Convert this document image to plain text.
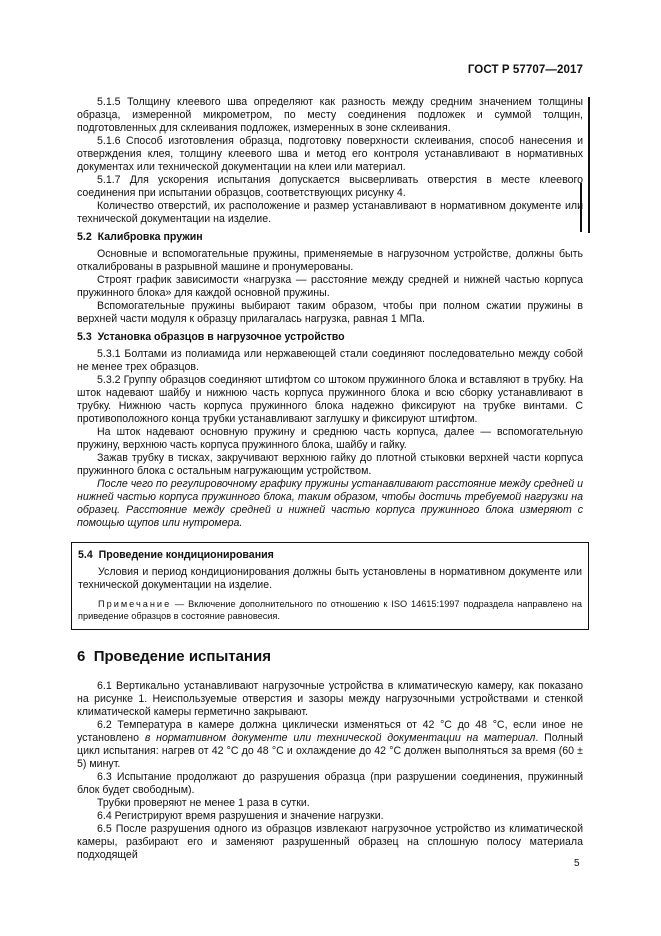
ГОСТ Р 57707—2017

5.1.5 Толщину клеевого шва определяют как разность между средним значением толщины образца, измеренной микрометром, по месту соединения подложек и суммой толщин, подготовленных для склеивания подложек, измеренных в зоне склеивания.

5.1.6 Способ изготовления образца, подготовку поверхности склеивания, способ нанесения и отверждения клея, толщину клеевого шва и метод его контроля устанавливают в нормативных документах или технической документации на клеи или материал.

5.1.7 Для ускорения испытания допускается высверливать отверстия в месте клеевого соединения при испытании образцов, соответствующих рисунку 4.

Количество отверстий, их расположение и размер устанавливают в нормативном документе или технической документации на изделие.

5.2 Калибровка пружин

Основные и вспомогательные пружины, применяемые в нагрузочном устройстве, должны быть откалиброваны в разрывной машине и пронумерованы.

Строят график зависимости «нагрузка — расстояние между средней и нижней частью корпуса пружинного блока» для каждой основной пружины.

Вспомогательные пружины выбирают таким образом, чтобы при полном сжатии пружины в верхней части модуля к образцу прилагалась нагрузка, равная 1 МПа.

5.3 Установка образцов в нагрузочное устройство

5.3.1 Болтами из полиамида или нержавеющей стали соединяют последовательно между собой не менее трех образцов.

5.3.2 Группу образцов соединяют штифтом со штоком пружинного блока и вставляют в трубку. На шток надевают шайбу и нижнюю часть корпуса пружинного блока и всю сборку устанавливают в трубку. Нижнюю часть корпуса пружинного блока надежно фиксируют на трубке винтами. С противоположного конца трубки устанавливают заглушку и фиксируют штифтом.

На шток надевают основную пружину и среднюю часть корпуса, далее — вспомогательную пружину, верхнюю часть корпуса пружинного блока, шайбу и гайку.

Зажав трубку в тисках, закручивают верхнюю гайку до плотной стыковки верхней части корпуса пружинного блока с остальным нагружающим устройством.

После чего по регулировочному графику пружины устанавливают расстояние между средней и нижней частью корпуса пружинного блока, таким образом, чтобы достичь требуемой нагрузки на образец. Расстояние между средней и нижней частью корпуса пружинного блока измеряют с помощью щупов или нутромера.

5.4 Проведение кондиционирования

Условия и период кондиционирования должны быть установлены в нормативном документе или технической документации на изделие.

Примечание — Включение дополнительного по отношению к ISO 14615:1997 подраздела направлено на приведение образцов в состояние равновесия.

6 Проведение испытания

6.1 Вертикально устанавливают нагрузочные устройства в климатическую камеру, как показано на рисунке 1. Неиспользуемые отверстия и зазоры между нагрузочными устройствами и стенкой климатической камеры герметично закрывают.

6.2 Температура в камере должна циклически изменяться от 42 °С до 48 °С, если иное не установлено в нормативном документе или технической документации на материал. Полный цикл испытания: нагрев от 42 °С до 48 °С и охлаждение до 42 °С должен выполняться за время (60 ± 5) минут.

6.3 Испытание продолжают до разрушения образца (при разрушении соединения, пружинный блок будет свободным).

Трубки проверяют не менее 1 раза в сутки.

6.4 Регистрируют время разрушения и значение нагрузки.

6.5 После разрушения одного из образцов извлекают нагрузочное устройство из климатической камеры, разбирают его и заменяют разрушенный образец на сплошную полосу материала подходящей

5
